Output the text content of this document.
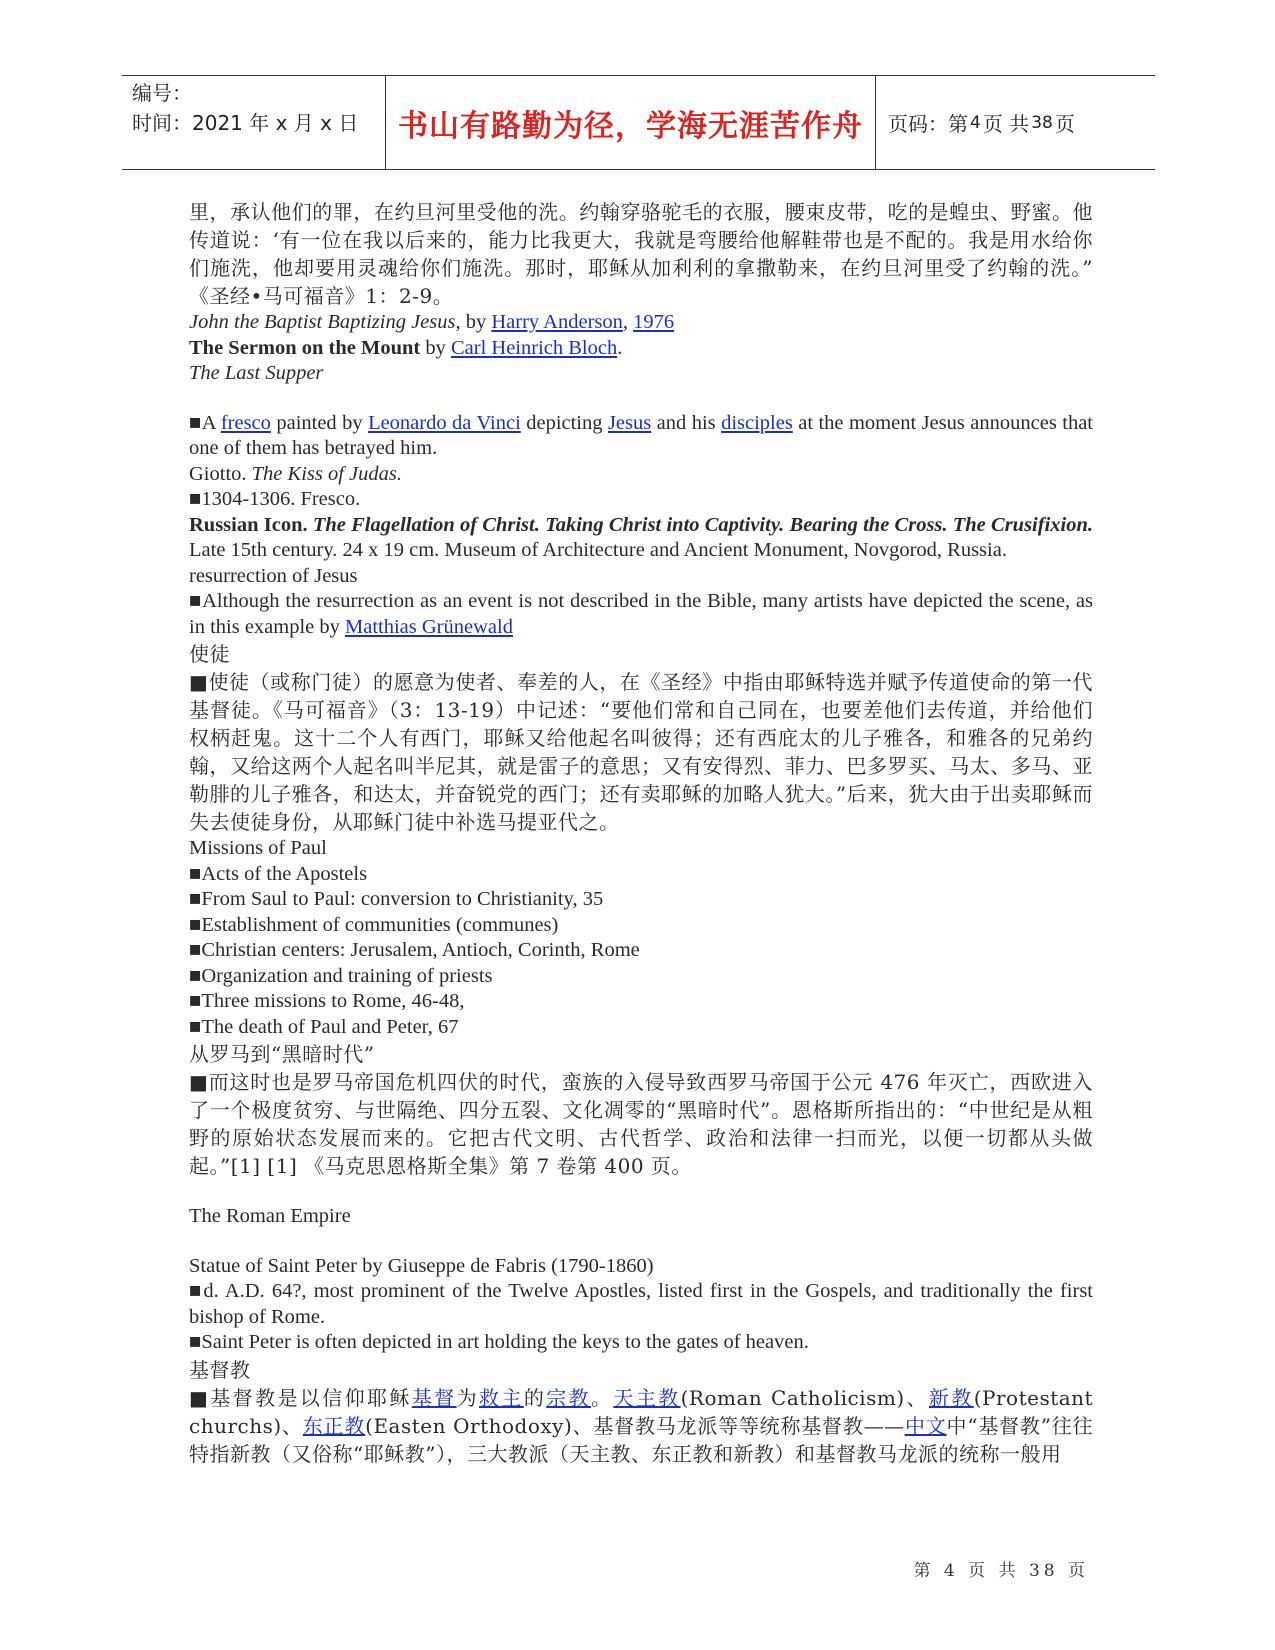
编号：
时间：2021 年 x 月 x 日	书山有路勤为径，学海无涯苦作舟 页码：第 4 页 共 38 页

里，承认他们的罪，在约旦河里受他的洗。约翰穿骆驼毛的衣服，腰束皮带，吃的是蝗虫、野蜜。他传道说：‘有一位在我以后来的，能力比我更大，我就是弯腰给他解鞋带也是不配的。我是用水给你们施洗，他却要用灵魂给你们施洗。那时，耶稣从加利利的拿撒勒来，在约旦河里受了约翰的洗。” 《圣经•马可福音》1：2-9。

John the Baptist Baptizing Jesus, by Harry Anderson, 1976

The Sermon on the Mount by Carl Heinrich Bloch.

The Last Supper

■A fresco painted by Leonardo da Vinci depicting Jesus and his disciples at the moment Jesus announces that one of them has betrayed him.

Giotto. The Kiss of Judas.

■1304-1306. Fresco.

Russian Icon. The Flagellation of Christ. Taking Christ into Captivity. Bearing the Cross. The Crusifixion. Late 15th century. 24 x 19 cm. Museum of Architecture and Ancient Monument, Novgorod, Russia.

resurrection of Jesus

■Although the resurrection as an event is not described in the Bible, many artists have depicted the scene, as in this example by Matthias Grünewald

使徒

■使徒（或称门徒）的愿意为使者、奉差的人，在《圣经》中指由耶稣特选并赋予传道使命的第一代基督徒。《马可福音》（3：13-19）中记述：“要他们常和自己同在，也要差他们去传道，并给他们权柄赶鬼。这十二个人有西门，耶稣又给他起名叫彼得；还有西庇太的儿子雅各，和雅各的兄弟约翰，又给这两个人起名叫半尼其，就是雷子的意思；又有安得烈、菲力、巴多罗买、马太、多马、亚勒腓的儿子雅各，和达太，并奋锐党的西门；还有卖耶稣的加略人犹大。”后来，犹大由于出卖耶稣而失去使徒身份，从耶稣门徒中补选马提亚代之。

Missions of Paul

■Acts of the Apostels

■From Saul to Paul: conversion to Christianity, 35

■Establishment of communities (communes)

■Christian centers: Jerusalem, Antioch, Corinth, Rome

■Organization and training of priests

■Three missions to Rome, 46-48,

■The death of Paul and Peter, 67

从罗马到“黑暗时代”

■而这时也是罗马帝国危机四伏的时代，蛮族的入侵导致西罗马帝国于公元 476 年灭亡，西欧进入了一个极度贫穷、与世隔绝、四分五裂、文化凋零的“黑暗时代”。恩格斯所指出的：“中世纪是从粗野的原始状态发展而来的。它把古代文明、古代哲学、政治和法律一扫而光，以便一切都从头做起。”[1] [1] 《马克思恩格斯全集》第 7 卷第 400 页。

The Roman Empire

Statue of Saint Peter by Giuseppe de Fabris (1790-1860)

■d. A.D. 64?, most prominent of the Twelve Apostles, listed first in the Gospels, and traditionally the first bishop of Rome.

■Saint Peter is often depicted in art holding the keys to the gates of heaven.

基督教

■基督教是以信仰耶稣基督为救主的宗教。天主教(Roman Catholicism)、新教(Protestant churchs)、东正教(Easten Orthodoxy)、基督教马龙派等等统称基督教——中文中“基督教”往往特指新教（又俗称“耶稣教”），三大教派（天主教、东正教和新教）和基督教马龙派的统称一般用

第 4 页 共 38 页
